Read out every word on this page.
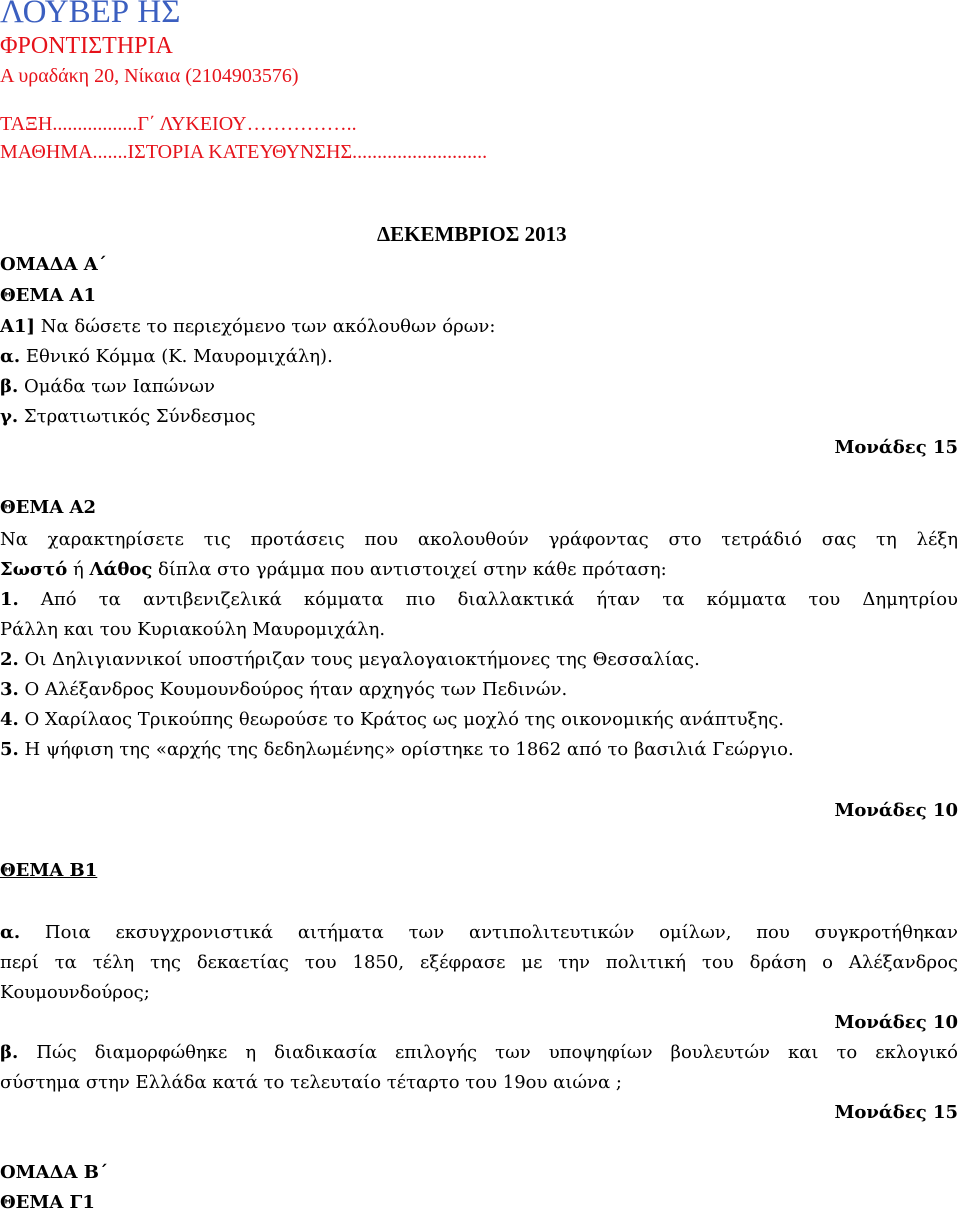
ΛΟΥΒΕΡ ΗΣ
ΦΡΟΝΤΙΣΤΗΡΙΑ
Α υραδάκη 20, Νίκαια (2104903576)
ΤΑΞΗ.................Γ΄ ΛΥΚΕΙΟΥ……………..
ΜΑΘΗΜΑ.......ΙΣΤΟΡΙΑ ΚΑΤΕΥΘΥΝΣΗΣ...........................
ΔΕΚΕΜΒΡΙΟΣ 2013
ΟΜΑΔΑ Α΄
ΘΕΜΑ Α1
Α1] Να δώσετε το περιεχόμενο των ακόλουθων όρων:
α. Εθνικό Κόμμα (Κ. Μαυρομιχάλη).
β. Ομάδα των Ιαπώνων
γ. Στρατιωτικός Σύνδεσμος
Μονάδες 15
ΘΕΜΑ Α2
Να χαρακτηρίσετε τις προτάσεις που ακολουθούν γράφοντας στο τετράδιό σας τη λέξη
Σωστό ή Λάθος δίπλα στο γράμμα που αντιστοιχεί στην κάθε πρόταση:
1. Από τα αντιβενιζελικά κόμματα πιο διαλλακτικά ήταν τα κόμματα του Δημητρίου
Ράλλη και του Κυριακούλη Μαυρομιχάλη.
2. Οι Δηλιγιαννικοί υποστήριζαν τους μεγαλογαιοκτήμονες της Θεσσαλίας.
3. Ο Αλέξανδρος Κουμουνδούρος ήταν αρχηγός των Πεδινών.
4. Ο Χαρίλαος Τρικούπης θεωρούσε το Κράτος ως μοχλό της οικονομικής ανάπτυξης.
5. Η ψήφιση της «αρχής της δεδηλωμένης» ορίστηκε το 1862 από το βασιλιά Γεώργιο.
Μονάδες 10
ΘΕΜΑ Β1
α. Ποια εκσυγχρονιστικά αιτήματα των αντιπολιτευτικών ομίλων, που συγκροτήθηκαν
περί τα τέλη της δεκαετίας του 1850, εξέφρασε με την πολιτική του δράση ο Αλέξανδρος
Κουμουνδούρος;
Μονάδες 10
β. Πώς διαμορφώθηκε η διαδικασία επιλογής των υποψηφίων βουλευτών και το εκλογικό
σύστημα στην Ελλάδα κατά το τελευταίο τέταρτο του 19ου αιώνα ;
Μονάδες 15
ΟΜΑΔΑ Β΄
ΘΕΜΑ Γ1
